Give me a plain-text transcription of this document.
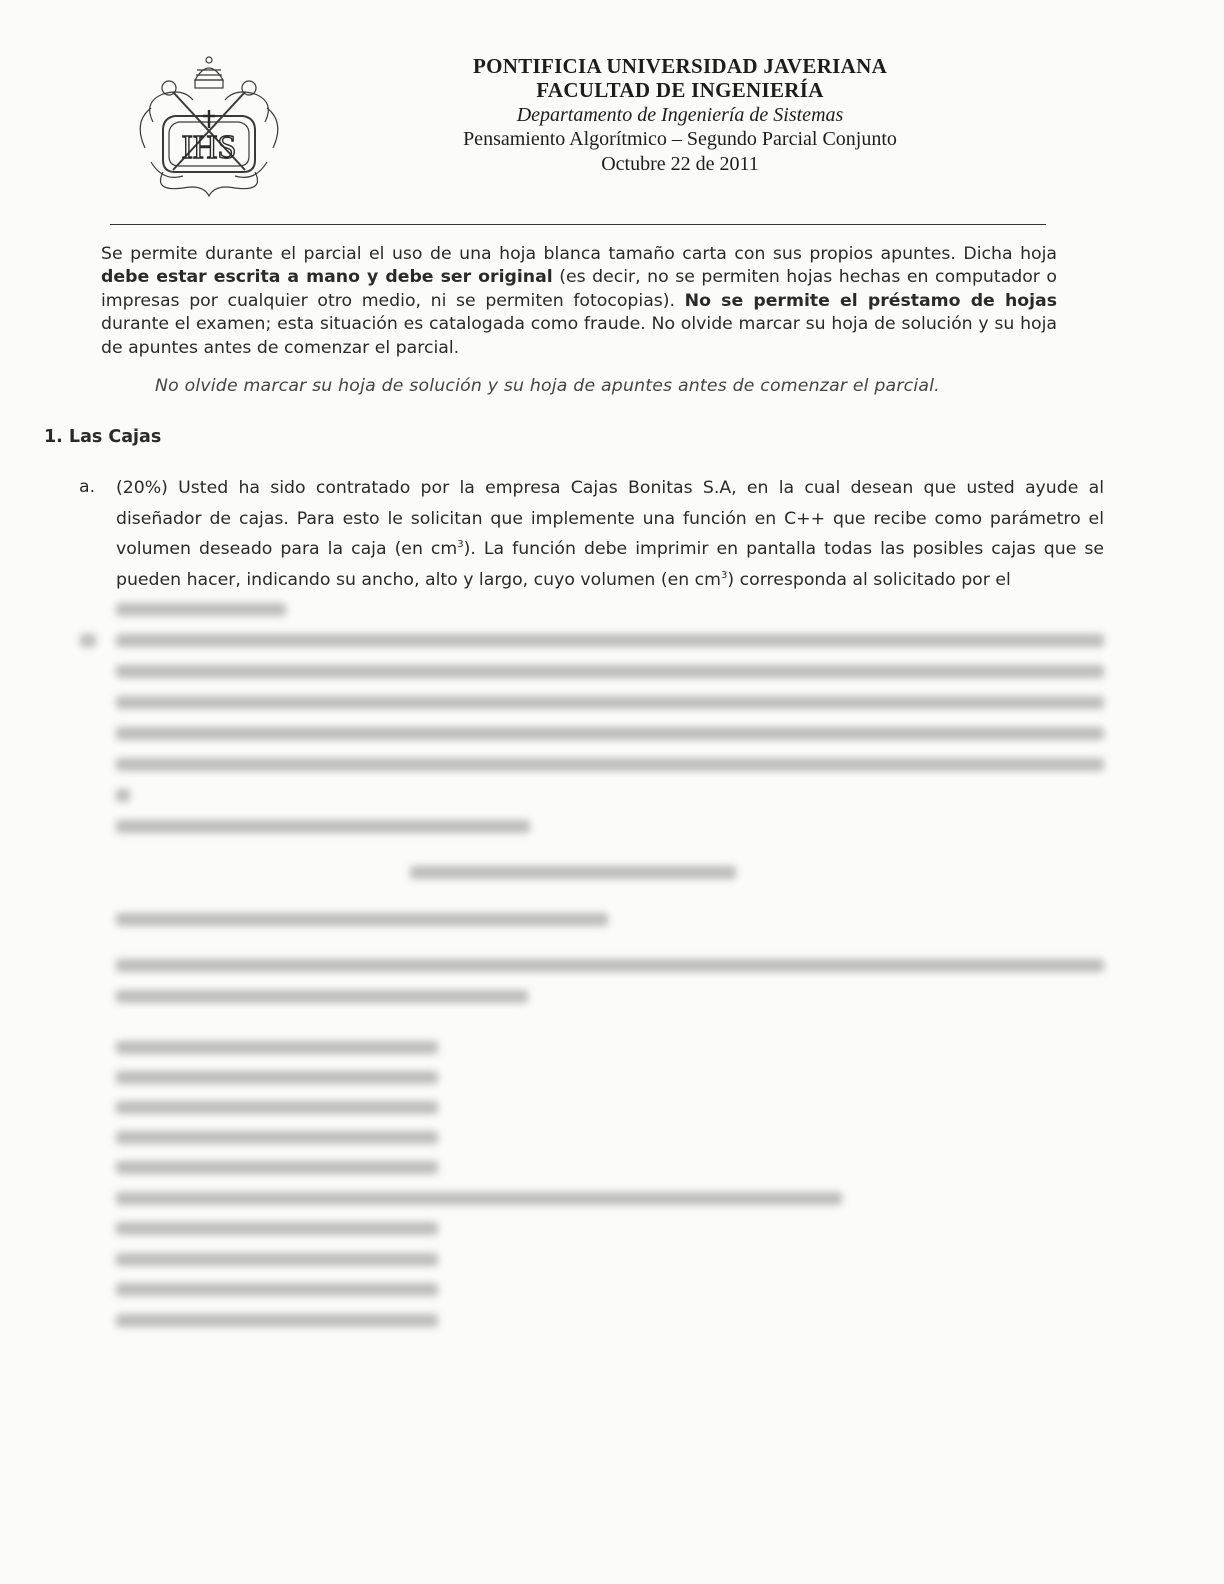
IHS
PONTIFICIA UNIVERSIDAD JAVERIANA
FACULTAD DE INGENIERÍA
Departamento de Ingeniería de Sistemas
Pensamiento Algorítmico – Segundo Parcial Conjunto
Octubre 22 de 2011
Se permite durante el parcial el uso de una hoja blanca tamaño carta con sus propios apuntes. Dicha hoja debe estar escrita a mano y debe ser original (es decir, no se permiten hojas hechas en computador o impresas por cualquier otro medio, ni se permiten fotocopias). No se permite el préstamo de hojas durante el examen; esta situación es catalogada como fraude. No olvide marcar su hoja de solución y su hoja de apuntes antes de comenzar el parcial.
No olvide marcar su hoja de solución y su hoja de apuntes antes de comenzar el parcial.
1. Las Cajas
a. (20%) Usted ha sido contratado por la empresa Cajas Bonitas S.A, en la cual desean que usted ayude al diseñador de cajas. Para esto le solicitan que implemente una función en C++ que recibe como parámetro el volumen deseado para la caja (en $cm^3$). La función debe imprimir en pantalla todas las posibles cajas que se pueden hacer, indicando su ancho, alto y largo, cuyo volumen (en $cm^3$) corresponda al solicitado por el
